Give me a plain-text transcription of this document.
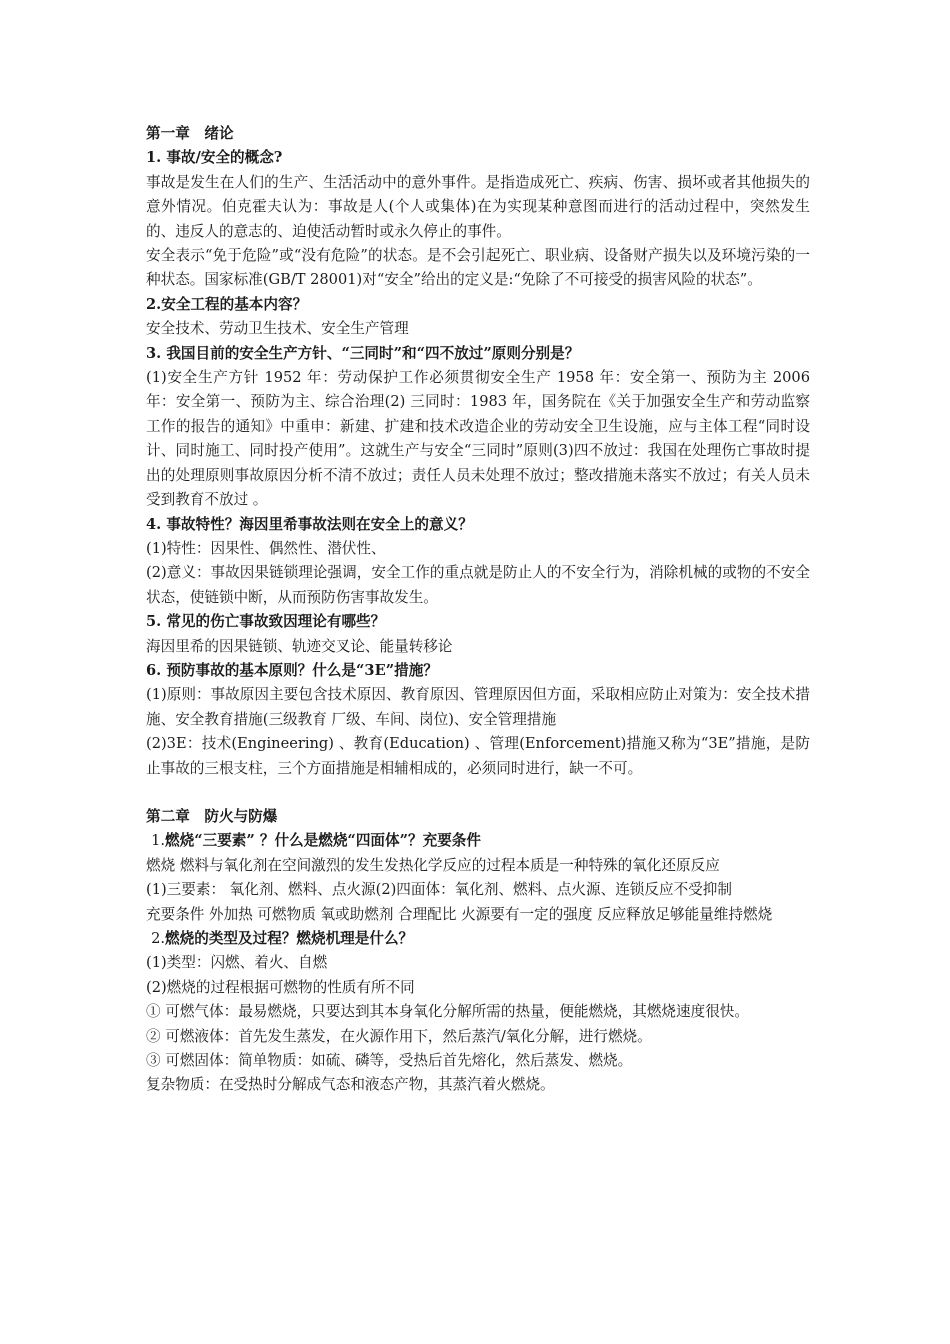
第一章　绪论

1. 事故/安全的概念?

事故是发生在人们的生产、生活活动中的意外事件。是指造成死亡、疾病、伤害、损坏或者其他损失的意外情况。伯克霍夫认为：事故是人(个人或集体)在为实现某种意图而进行的活动过程中，突然发生的、违反人的意志的、迫使活动暂时或永久停止的事件。

安全表示“免于危险”或“没有危险”的状态。是不会引起死亡、职业病、设备财产损失以及环境污染的一种状态。国家标准(GB/T 28001)对“安全”给出的定义是:“免除了不可接受的损害风险的状态”。

2.安全工程的基本内容？

安全技术、劳动卫生技术、安全生产管理

3. 我国目前的安全生产方针、“三同时”和“四不放过”原则分别是？

(1)安全生产方针 1952 年：劳动保护工作必须贯彻安全生产 1958 年：安全第一、预防为主 2006 年：安全第一、预防为主、综合治理(2) 三同时：1983 年，国务院在《关于加强安全生产和劳动监察工作的报告的通知》中重申：新建、扩建和技术改造企业的劳动安全卫生设施，应与主体工程“同时设计、同时施工、同时投产使用”。这就生产与安全“三同时”原则(3)四不放过：我国在处理伤亡事故时提出的处理原则事故原因分析不清不放过；责任人员未处理不放过；整改措施未落实不放过；有关人员未受到教育不放过 。

4. 事故特性？海因里希事故法则在安全上的意义？

(1)特性：因果性、偶然性、潜伏性、

(2)意义：事故因果链锁理论强调，安全工作的重点就是防止人的不安全行为，消除机械的或物的不安全状态，使链锁中断，从而预防伤害事故发生。

5. 常见的伤亡事故致因理论有哪些？

海因里希的因果链锁、轨迹交叉论、能量转移论

6. 预防事故的基本原则？什么是“3E”措施？

(1)原则：事故原因主要包含技术原因、教育原因、管理原因但方面，采取相应防止对策为：安全技术措施、安全教育措施(三级教育 厂级、车间、岗位)、安全管理措施

(2)3E：技术(Engineering) 、教育(Education) 、管理(Enforcement)措施又称为“3E”措施，是防止事故的三根支柱，三个方面措施是相辅相成的，必须同时进行，缺一不可。

第二章　防火与防爆

1.燃烧“三要素” ？什么是燃烧“四面体”？充要条件

燃烧 燃料与氧化剂在空间激烈的发生发热化学反应的过程本质是一种特殊的氧化还原反应

(1)三要素： 氧化剂、燃料、点火源(2)四面体：氧化剂、燃料、点火源、连锁反应不受抑制

充要条件 外加热 可燃物质 氧或助燃剂 合理配比 火源要有一定的强度 反应释放足够能量维持燃烧

2.燃烧的类型及过程？燃烧机理是什么？

(1)类型：闪燃、着火、自燃

(2)燃烧的过程根据可燃物的性质有所不同

① 可燃气体：最易燃烧，只要达到其本身氧化分解所需的热量，便能燃烧，其燃烧速度很快。

② 可燃液体：首先发生蒸发，在火源作用下，然后蒸汽/氧化分解，进行燃烧。

③ 可燃固体：简单物质：如硫、磷等，受热后首先熔化，然后蒸发、燃烧。

复杂物质：在受热时分解成气态和液态产物，其蒸汽着火燃烧。
